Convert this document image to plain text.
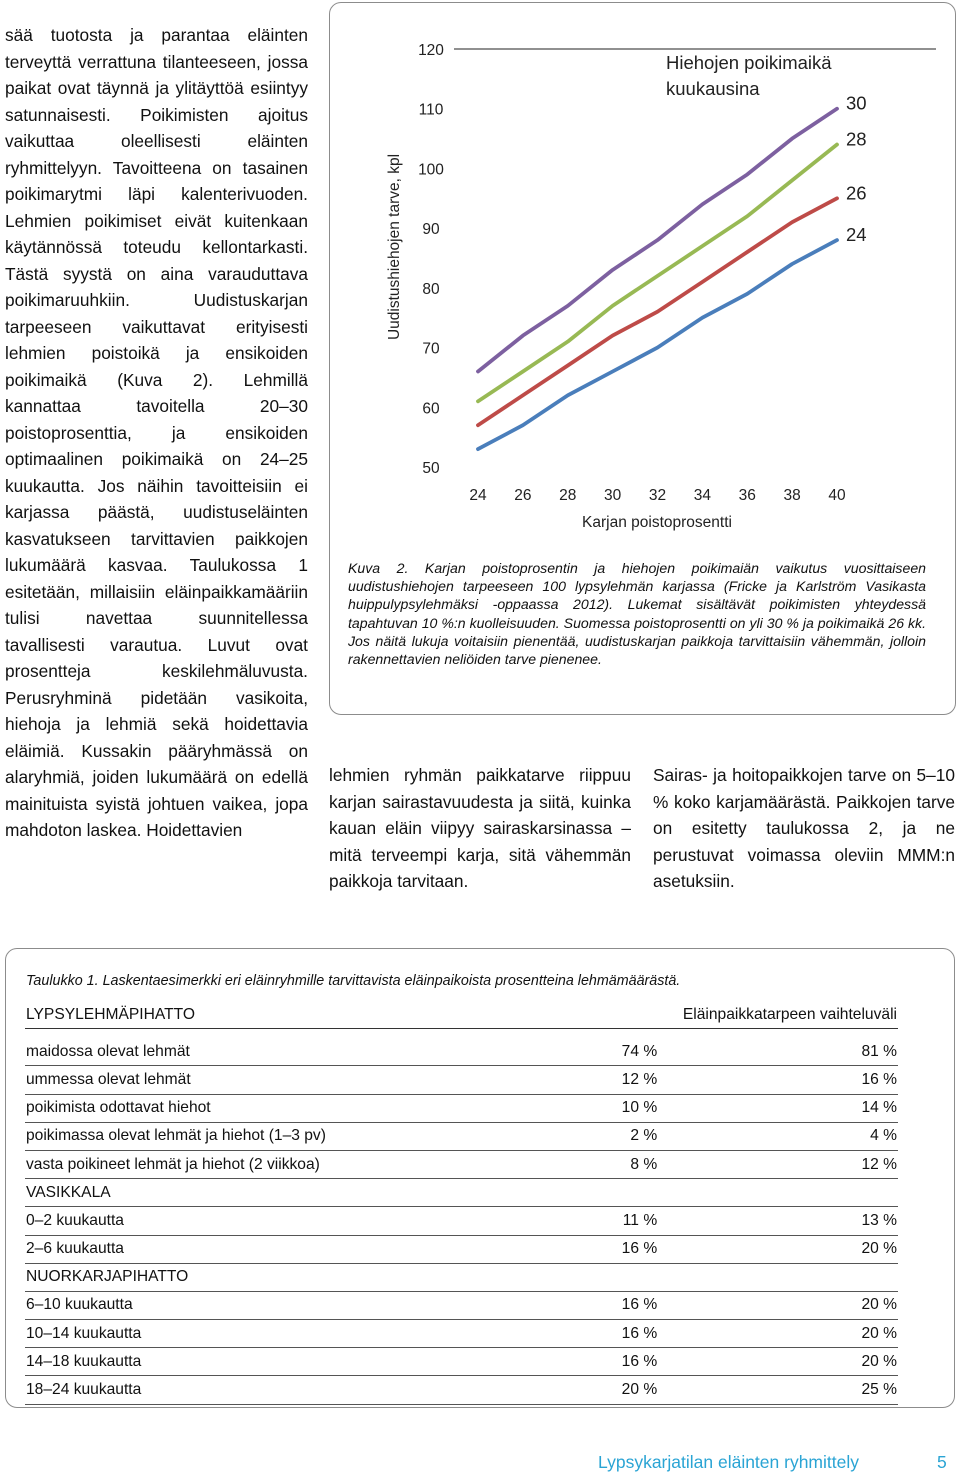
sää tuotosta ja parantaa eläinten terveyttä verrattuna tilanteeseen, jossa paikat ovat täynnä ja ylitäyttöä esiintyy satunnaisesti. Poikimisten ajoitus vaikuttaa oleellisesti eläinten ryhmittelyyn. Tavoitteena on tasainen poikimarytmi läpi kalenterivuoden. Lehmien poikimiset eivät kuitenkaan käytännössä toteudu kellontarkasti. Tästä syystä on aina varauduttava poikimaruuhkiin. Uudistuskarjan tarpeeseen vaikuttavat erityisesti lehmien poistoikä ja ensikoiden poikimaikä (Kuva 2). Lehmillä kannattaa tavoitella 20–30 poistoprosenttia, ja ensikoiden optimaalinen poikimaikä on 24–25 kuukautta. Jos näihin tavoitteisiin ei karjassa päästä, uudistuseläinten kasvatukseen tarvittavien paikkojen lukumäärä kasvaa. Taulukossa 1 esitetään, millaisiin eläinpaikkamääriin tulisi navettaa suunnitellessa tavallisesti varautua. Luvut ovat prosentteja keskilehmäluvusta. Perusryhminä pidetään vasikoita, hiehoja ja lehmiä sekä hoidettavia eläimiä. Kussakin pääryhmässä on alaryhmiä, joiden lukumäärä on edellä mainituista syistä johtuen vaikea, jopa mahdoton laskea. Hoidettavien

50
60
70
80
90
100
110
120
24 26 28 30 32 34 36 38 40
Karjan poistoprosentti
Uudistushiehojen tarve, kpl
Hiehojen poikimaikä
kuukausina
24
26
28
30
Kuva 2. Karjan poistoprosentin ja hiehojen poikimaiän vaikutus vuosittaiseen uudistushiehojen tarpeeseen 100 lypsylehmän karjassa (Fricke ja Karlström Vasikasta huippulypsylehmäksi -oppaassa 2012). Lukemat sisältävät poikimisten yhteydessä tapahtuvan 10 %:n kuolleisuuden. Suomessa poistoprosentti on yli 30 % ja poikimaikä 26 kk. Jos näitä lukuja voitaisiin pienentää, uudistuskarjan paikkoja tarvittaisiin vähemmän, jolloin rakennettavien neliöiden tarve pienenee.

lehmien ryhmän paikkatarve riippuu karjan sairastavuudesta ja siitä, kuinka kauan eläin viipyy sairaskarsinassa – mitä terveempi karja, sitä vähemmän paikkoja tarvitaan.

Sairas- ja hoitopaikkojen tarve on 5–10 % koko karjamäärästä. Paikkojen tarve on esitetty taulukossa 2, ja ne perustuvat voimassa oleviin MMM:n asetuksiin.

Taulukko 1. Laskentaesimerkki eri eläinryhmille tarvittavista eläinpaikoista prosentteina lehmämäärästä.
LYPSYLEHMÄPIHATTO		Eläinpaikkatarpeen vaihteluväli

maidossa olevat lehmät	74 %	81 %
ummessa olevat lehmät	12 %	16 %
poikimista odottavat hiehot	10 %	14 %
poikimassa olevat lehmät ja hiehot (1–3 pv)	2 %	4 %
vasta poikineet lehmät ja hiehot (2 viikkoa)	8 %	12 %
VASIKKALA		
0–2 kuukautta	11 %	13 %
2–6 kuukautta	16 %	20 %
NUORKARJAPIHATTO		
6–10 kuukautta	16 %	20 %
10–14 kuukautta	16 %	20 %
14–18 kuukautta	16 %	20 %
18–24 kuukautta	20 %	25 %
Lypsykarjatilan eläinten ryhmittely	5
